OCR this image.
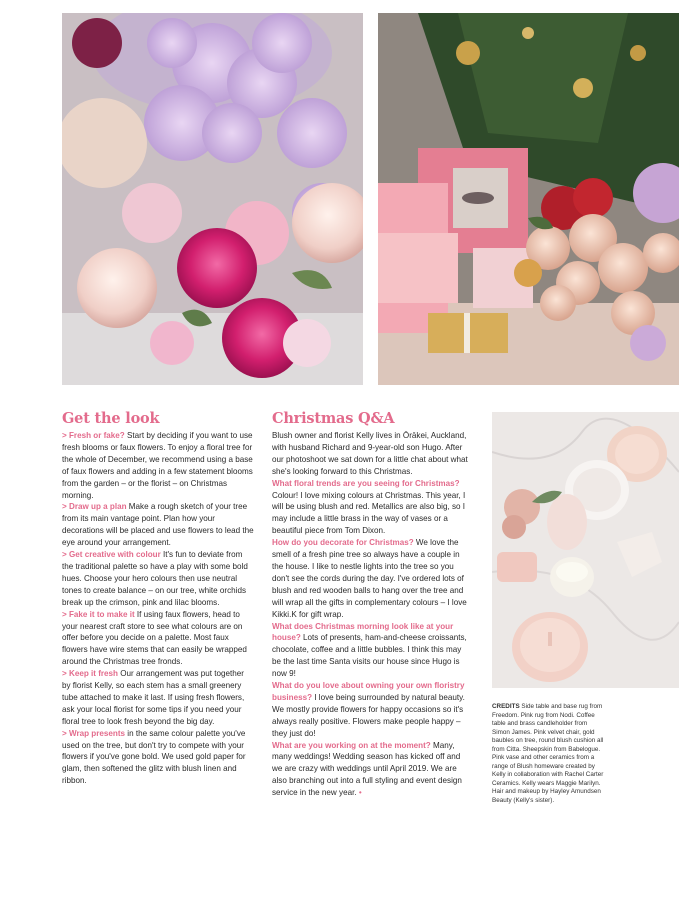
Get the look

> Fresh or fake? Start by deciding if you want to use fresh blooms or faux flowers. To enjoy a floral tree for the whole of December, we recommend using a base of faux flowers and adding in a few statement blooms from the garden – or the florist – on Christmas morning.

> Draw up a plan Make a rough sketch of your tree from its main vantage point. Plan how your decorations will be placed and use flowers to lead the eye around your arrangement.

> Get creative with colour It's fun to deviate from the traditional palette so have a play with some bold hues. Choose your hero colours then use neutral tones to create balance – on our tree, white orchids break up the crimson, pink and lilac blooms.

> Fake it to make it If using faux flowers, head to your nearest craft store to see what colours are on offer before you decide on a palette. Most faux flowers have wire stems that can easily be wrapped around the Christmas tree fronds.

> Keep it fresh Our arrangement was put together by florist Kelly, so each stem has a small greenery tube attached to make it last. If using fresh flowers, ask your local florist for some tips if you need your floral tree to look fresh beyond the big day.

> Wrap presents in the same colour palette you've used on the tree, but don't try to compete with your flowers if you've gone bold. We used gold paper for glam, then softened the glitz with blush linen and ribbon.

Christmas Q&A

Blush owner and florist Kelly lives in Ōrākei, Auckland, with husband Richard and 9-year-old son Hugo. After our photoshoot we sat down for a little chat about what she's looking forward to this Christmas.

What floral trends are you seeing for Christmas? Colour! I love mixing colours at Christmas. This year, I will be using blush and red. Metallics are also big, so I may include a little brass in the way of vases or a beautiful piece from Tom Dixon.

How do you decorate for Christmas? We love the smell of a fresh pine tree so always have a couple in the house. I like to nestle lights into the tree so you don't see the cords during the day. I've ordered lots of blush and red wooden balls to hang over the tree and will wrap all the gifts in complementary colours – I love Kikki.K for gift wrap.

What does Christmas morning look like at your house? Lots of presents, ham-and-cheese croissants, chocolate, coffee and a little bubbles. I think this may be the last time Santa visits our house since Hugo is now 9!

What do you love about owning your own floristry business? I love being surrounded by natural beauty. We mostly provide flowers for happy occasions so it's always really positive. Flowers make people happy – they just do!

What are you working on at the moment? Many, many weddings! Wedding season has kicked off and we are crazy with weddings until April 2019. We are also branching out into a full styling and event design service in the new year. •

CREDITS Side table and base rug from Freedom. Pink rug from Nodi. Coffee table and brass candleholder from Simon James. Pink velvet chair, gold baubles on tree, round blush cushion all from Citta. Sheepskin from Babelogue. Pink vase and other ceramics from a range of Blush homeware created by Kelly in collaboration with Rachel Carter Ceramics. Kelly wears Maggie Marilyn. Hair and makeup by Hayley Amundsen Beauty (Kelly's sister).
